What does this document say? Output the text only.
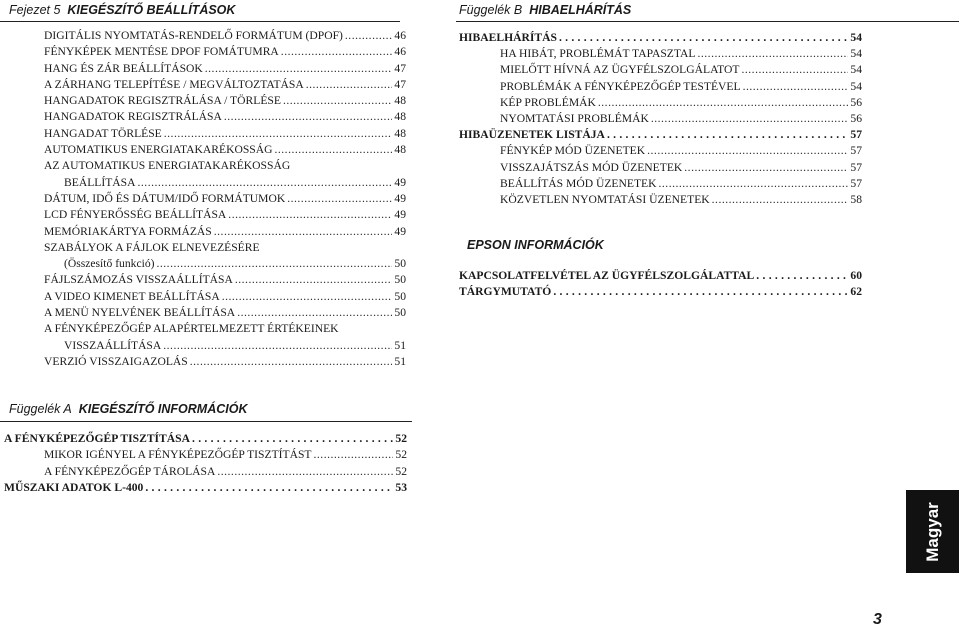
Fejezet 5 KIEGÉSZÍTŐ BEÁLLÍTÁSOK	Függelék B HIBAELHÁRÍTÁS
DIGITÁLIS NYOMTATÁS-RENDELŐ FORMÁTUM (DPOF) . . .	46
FÉNYKÉPEK MENTÉSE DPOF FOMÁTUMRA . . .	46
HANG ÉS ZÁR BEÁLLÍTÁSOK . . .	47
A ZÁRHANG TELEPÍTÉSE / MEGVÁLTOZTATÁSA . . .	47
HANGADATOK REGISZTRÁLÁSA / TÖRLÉSE . . .	48
HANGADATOK REGISZTRÁLÁSA . . .	48
HANGADAT TÖRLÉSE . . .	48
AUTOMATIKUS ENERGIATAKARÉKOSSÁG . . .	48
AZ AUTOMATIKUS ENERGIATAKARÉKOSSÁG
BEÁLLÍTÁSA . . .	49
DÁTUM, IDŐ ÉS DÁTUM/IDŐ FORMÁTUMOK . . .	49
LCD FÉNYERŐSSÉG BEÁLLÍTÁSA . . .	49
MEMÓRIAKÁRTYA FORMÁZÁS . . .	49
SZABÁLYOK A FÁJLOK ELNEVEZÉSÉRE
(Összesítő funkció) . . .	50
FÁJLSZÁMOZÁS VISSZAÁLLÍTÁSA . . .	50
A VIDEO KIMENET BEÁLLÍTÁSA . . .	50
A MENÜ NYELVÉNEK BEÁLLÍTÁSA . . .	50
A FÉNYKÉPEZŐGÉP ALAPÉRTELMEZETT ÉRTÉKEINEK
VISSZAÁLLÍTÁSA . . .	51
VERZIÓ VISSZAIGAZOLÁS . . .	51
HIBAELHÁRÍTÁS . . .	54
HA HIBÁT, PROBLÉMÁT TAPASZTAL . . .	54
MIELŐTT HÍVNÁ AZ ÜGYFÉLSZOLGÁLATOT . . .	54
PROBLÉMÁK A FÉNYKÉPEZŐGÉP TESTÉVEL . . .	54
KÉP PROBLÉMÁK . . .	56
NYOMTATÁSI PROBLÉMÁK . . .	56
HIBAÜZENETEK LISTÁJA . . .	57
FÉNYKÉP MÓD ÜZENETEK . . .	57
VISSZAJÁTSZÁS MÓD ÜZENETEK . . .	57
BEÁLLÍTÁS MÓD ÜZENETEK . . .	57
KÖZVETLEN NYOMTATÁSI ÜZENETEK . . .	58
EPSON INFORMÁCIÓK
KAPCSOLATFELVÉTEL AZ ÜGYFÉLSZOLGÁLATTAL . . .	60
TÁRGYMUTATÓ . . .	62
Függelék A KIEGÉSZÍTŐ INFORMÁCIÓK
A FÉNYKÉPEZŐGÉP TISZTÍTÁSA . . .	52
MIKOR IGÉNYEL A FÉNYKÉPEZŐGÉP TISZTÍTÁST . . .	52
A FÉNYKÉPEZŐGÉP TÁROLÁSA . . .	52
MŰSZAKI ADATOK L-400 . . .	53
Magyar
3
